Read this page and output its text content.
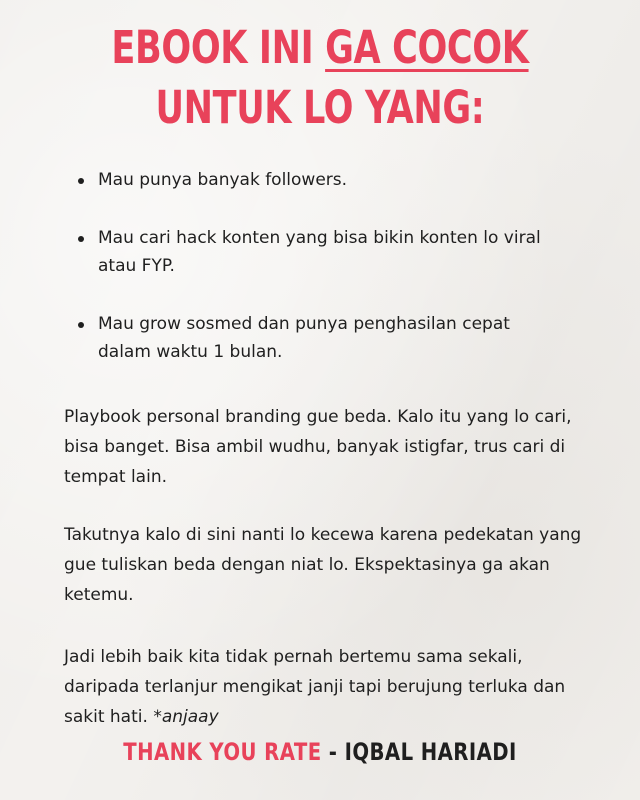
EBOOK INI GA COCOK
UNTUK LO YANG:
Mau punya banyak followers.
Mau cari hack konten yang bisa bikin konten lo viral atau FYP.
Mau grow sosmed dan punya penghasilan cepat dalam waktu 1 bulan.

Playbook personal branding gue beda. Kalo itu yang lo cari, bisa banget. Bisa ambil wudhu, banyak istigfar, trus cari di tempat lain.

Takutnya kalo di sini nanti lo kecewa karena pedekatan yang gue tuliskan beda dengan niat lo. Ekspektasinya ga akan ketemu.

Jadi lebih baik kita tidak pernah bertemu sama sekali, daripada terlanjur mengikat janji tapi berujung terluka dan sakit hati. *anjaay

THANK YOU RATE - IQBAL HARIADI
